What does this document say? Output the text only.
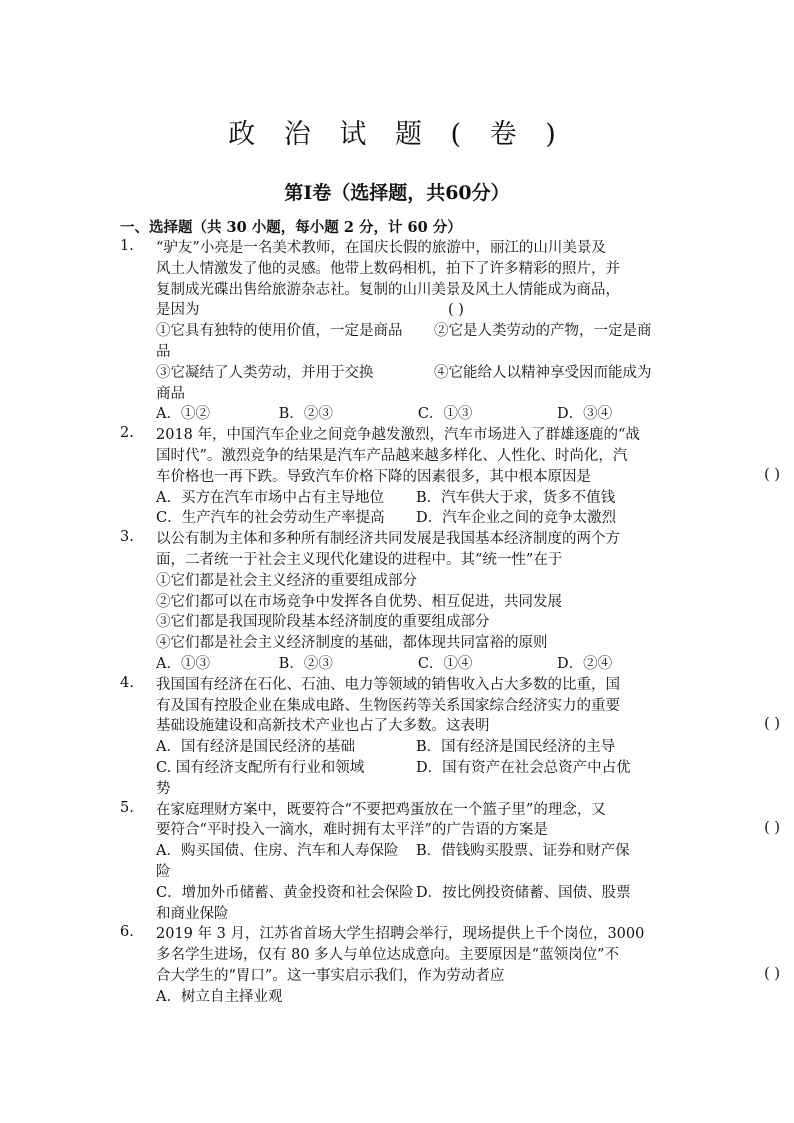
政 治 试 题 ( 卷 )
第Ⅰ卷（选择题，共60分）
一、选择题（共 30 小题，每小题 2 分，计 60 分）
1.	“驴友”小亮是一名美术教师，在国庆长假的旅游中，丽江的山川美景及
风土人情激发了他的灵感。他带上数码相机，拍下了许多精彩的照片，并
复制成光碟出售给旅游杂志社。复制的山川美景及风土人情能成为商品，
是因为	( )
①它具有独特的使用价值，一定是商品 ②它是人类劳动的产物，一定是商
品
③它凝结了人类劳动，并用于交换	④它能给人以精神享受因而能成为
商品
A．①②	B．②③	C．①③	D．③④
2.	2018 年，中国汽车企业之间竞争越发激烈，汽车市场进入了群雄逐鹿的“战
国时代”。激烈竞争的结果是汽车产品越来越多样化、人性化、时尚化，汽
车价格也一再下跌。导致汽车价格下降的因素很多，其中根本原因是	( )
A．买方在汽车市场中占有主导地位	B．汽车供大于求，货多不值钱
C．生产汽车的社会劳动生产率提高	D．汽车企业之间的竞争太激烈
3.	以公有制为主体和多种所有制经济共同发展是我国基本经济制度的两个方
面，二者统一于社会主义现代化建设的进程中。其“统一性”在于
①它们都是社会主义经济的重要组成部分
②它们都可以在市场竞争中发挥各自优势、相互促进，共同发展
③它们都是我国现阶段基本经济制度的重要组成部分
④它们都是社会主义经济制度的基础，都体现共同富裕的原则
A．①③	B．②③	C．①④	D．②④
4.	我国国有经济在石化、石油、电力等领域的销售收入占大多数的比重，国
有及国有控股企业在集成电路、生物医药等关系国家综合经济实力的重要
基础设施建设和高新技术产业也占了大多数。这表明	( )
A．国有经济是国民经济的基础	B．国有经济是国民经济的主导
C. 国有经济支配所有行业和领域	D．国有资产在社会总资产中占优
势
5.	在家庭理财方案中，既要符合“不要把鸡蛋放在一个篮子里”的理念，又
要符合“平时投入一滴水，难时拥有太平洋”的广告语的方案是	( )
A．购买国债、住房、汽车和人寿保险	B．借钱购买股票、证券和财产保
险
C．增加外币储蓄、黄金投资和社会保险 D．按比例投资储蓄、国债、股票
和商业保险
6.	2019 年 3 月，江苏省首场大学生招聘会举行，现场提供上千个岗位，3000
多名学生进场，仅有 80 多人与单位达成意向。主要原因是“蓝领岗位”不
合大学生的“胃口”。这一事实启示我们，作为劳动者应	( )
A．树立自主择业观
